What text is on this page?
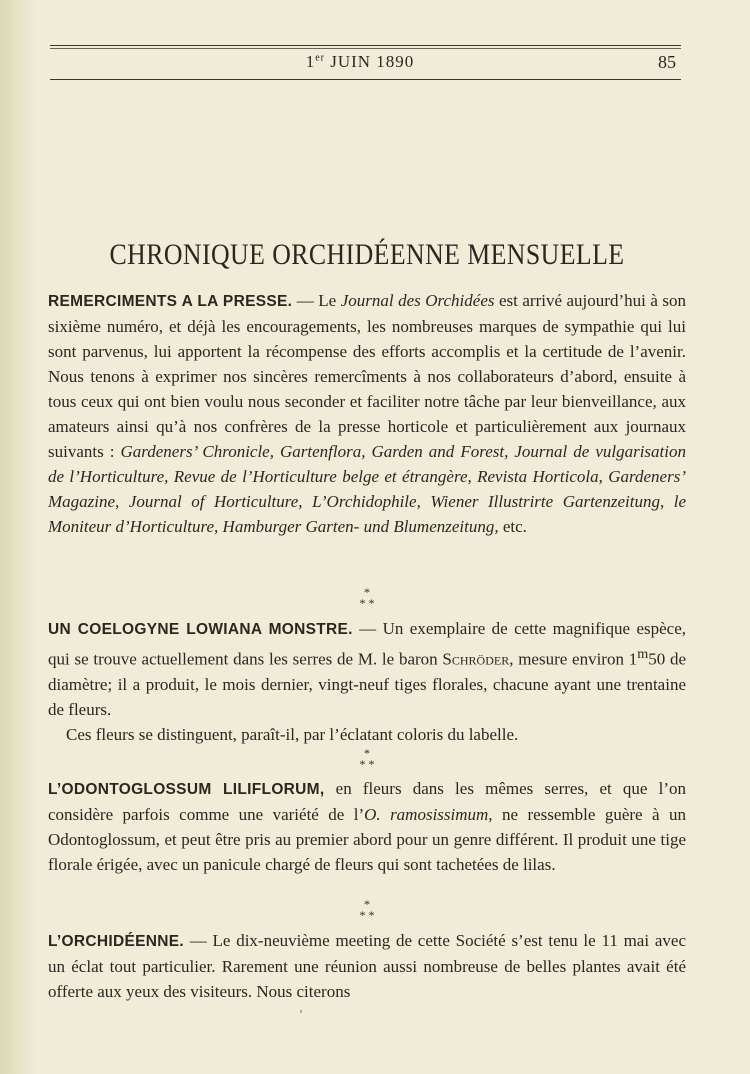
1er JUIN 1890	85
CHRONIQUE ORCHIDÉENNE MENSUELLE

REMERCIMENTS A LA PRESSE. — Le Journal des Orchidées est arrivé aujourd’hui à son sixième numéro, et déjà les encouragements, les nombreuses marques de sympathie qui lui sont parvenus, lui apportent la récompense des efforts accomplis et la certitude de l’avenir. Nous tenons à exprimer nos sincères remercîments à nos collaborateurs d’abord, ensuite à tous ceux qui ont bien voulu nous seconder et faciliter notre tâche par leur bienveillance, aux amateurs ainsi qu’à nos confrères de la presse horticole et particulièrement aux journaux suivants : Gardeners’ Chronicle, Gartenflora, Garden and Forest, Journal de vulgarisation de l’Horticulture, Revue de l’Horticulture belge et étrangère, Revista Horticola, Gardeners’ Magazine, Journal of Horticulture, L’Orchidophile, Wiener Illustrirte Gartenzeitung, le Moniteur d’Horticulture, Hamburger Garten- und Blumenzeitung, etc.

*
* *

UN COELOGYNE LOWIANA MONSTRE. — Un exemplaire de cette magnifique espèce, qui se trouve actuellement dans les serres de M. le baron Schröder, mesure environ 1$^m$50 de diamètre; il a produit, le mois dernier, vingt-neuf tiges florales, chacune ayant une trentaine de fleurs.
Ces fleurs se distinguent, paraît-il, par l’éclatant coloris du labelle.

*
* *

L’ODONTOGLOSSUM LILIFLORUM, en fleurs dans les mêmes serres, et que l’on considère parfois comme une variété de l’O. ramosissimum, ne ressemble guère à un Odontoglossum, et peut être pris au premier abord pour un genre différent. Il produit une tige florale érigée, avec un panicule chargé de fleurs qui sont tachetées de lilas.

*
* *

L’ORCHIDÉENNE. — Le dix-neuvième meeting de cette Société s’est tenu le 11 mai avec un éclat tout particulier. Rarement une réunion aussi nombreuse de belles plantes avait été offerte aux yeux des visiteurs. Nous citerons
